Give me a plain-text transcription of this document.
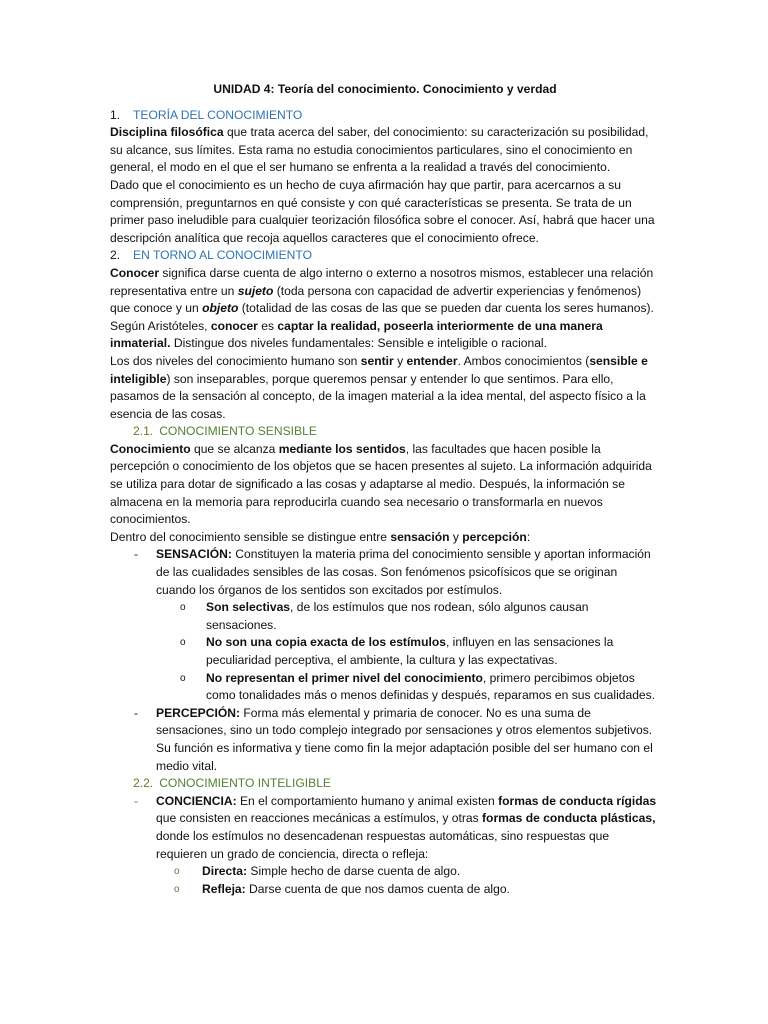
UNIDAD 4: Teoría del conocimiento. Conocimiento y verdad

1.	TEORÍA DEL CONOCIMIENTO

Disciplina filosófica que trata acerca del saber, del conocimiento: su caracterización su posibilidad, su alcance, sus límites. Esta rama no estudia conocimientos particulares, sino el conocimiento en general, el modo en el que el ser humano se enfrenta a la realidad a través del conocimiento.

Dado que el conocimiento es un hecho de cuya afirmación hay que partir, para acercarnos a su comprensión, preguntarnos en qué consiste y con qué características se presenta. Se trata de un primer paso ineludible para cualquier teorización filosófica sobre el conocer. Así, habrá que hacer una descripción analítica que recoja aquellos caracteres que el conocimiento ofrece.

2.	EN TORNO AL CONOCIMIENTO

Conocer significa darse cuenta de algo interno o externo a nosotros mismos, establecer una relación representativa entre un sujeto (toda persona con capacidad de advertir experiencias y fenómenos) que conoce y un objeto (totalidad de las cosas de las que se pueden dar cuenta los seres humanos).

Según Aristóteles, conocer es captar la realidad, poseerla interiormente de una manera inmaterial. Distingue dos niveles fundamentales: Sensible e inteligible o racional.

Los dos niveles del conocimiento humano son sentir y entender. Ambos conocimientos (sensible e inteligible) son inseparables, porque queremos pensar y entender lo que sentimos. Para ello, pasamos de la sensación al concepto, de la imagen material a la idea mental, del aspecto físico a la esencia de las cosas.

2.1. CONOCIMIENTO SENSIBLE

Conocimiento que se alcanza mediante los sentidos, las facultades que hacen posible la percepción o conocimiento de los objetos que se hacen presentes al sujeto. La información adquirida se utiliza para dotar de significado a las cosas y adaptarse al medio. Después, la información se almacena en la memoria para reproducirla cuando sea necesario o transformarla en nuevos conocimientos.

Dentro del conocimiento sensible se distingue entre sensación y percepción:

-	SENSACIÓN: Constituyen la materia prima del conocimiento sensible y aportan información de las cualidades sensibles de las cosas. Son fenómenos psicofísicos que se originan cuando los órganos de los sentidos son excitados por estímulos.

o	Son selectivas, de los estímulos que nos rodean, sólo algunos causan sensaciones.

o	No son una copia exacta de los estímulos, influyen en las sensaciones la peculiaridad perceptiva, el ambiente, la cultura y las expectativas.

o	No representan el primer nivel del conocimiento, primero percibimos objetos como tonalidades más o menos definidas y después, reparamos en sus cualidades.

-	PERCEPCIÓN: Forma más elemental y primaria de conocer. No es una suma de sensaciones, sino un todo complejo integrado por sensaciones y otros elementos subjetivos. Su función es informativa y tiene como fin la mejor adaptación posible del ser humano con el medio vital.

2.2. CONOCIMIENTO INTELIGIBLE
-	CONCIENCIA: En el comportamiento humano y animal existen formas de conducta rígidas que consisten en reacciones mecánicas a estímulos, y otras formas de conducta plásticas, donde los estímulos no desencadenan respuestas automáticas, sino respuestas que requieren un grado de conciencia, directa o refleja:

o	Directa: Simple hecho de darse cuenta de algo.

o	Refleja: Darse cuenta de que nos damos cuenta de algo.
